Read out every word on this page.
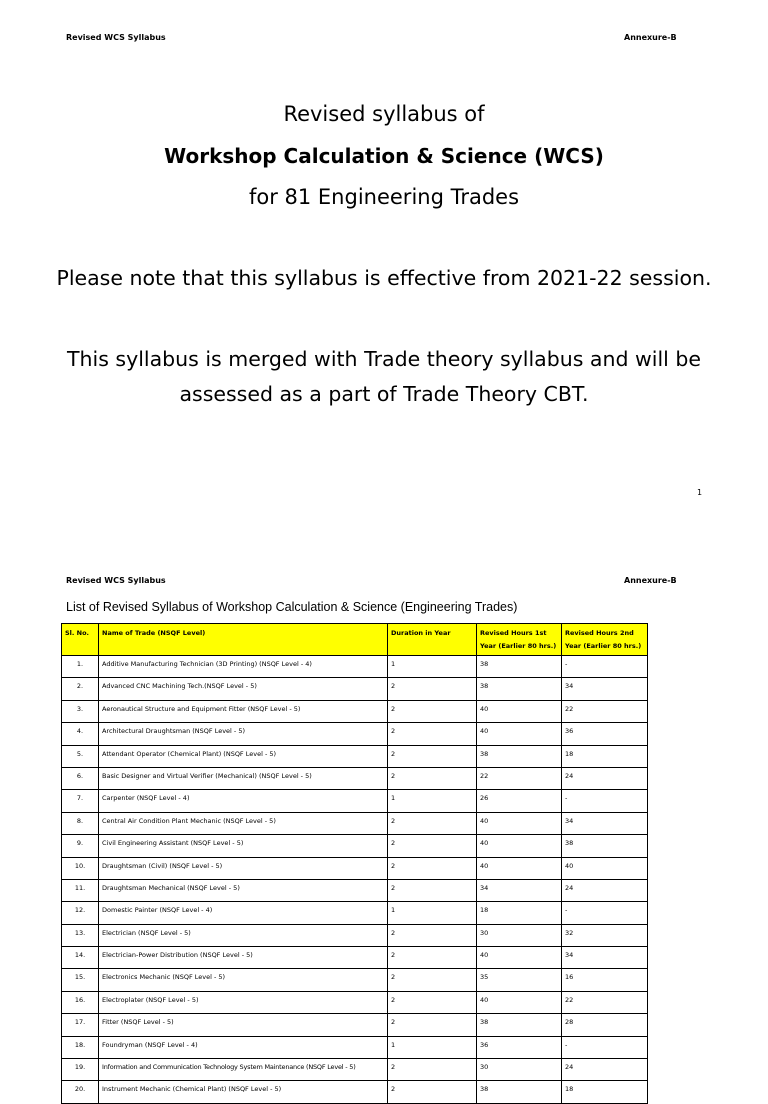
Revised WCS Syllabus	Annexure-B
Revised syllabus of
Workshop Calculation & Science (WCS)
for 81 Engineering Trades
Please note that this syllabus is effective from 2021-22 session.
This syllabus is merged with Trade theory syllabus and will be
assessed as a part of Trade Theory CBT.
1
Revised WCS Syllabus	Annexure-B
List of Revised Syllabus of Workshop Calculation & Science (Engineering Trades)
Sl. No.	Name of Trade (NSQF Level)	Duration in Year	Revised Hours 1st Year (Earlier 80 hrs.)	Revised Hours 2nd Year (Earlier 80 hrs.)
1.	Additive Manufacturing Technician (3D Printing) (NSQF Level - 4)	1	38	-
2.	Advanced CNC Machining Tech.(NSQF Level - 5)	2	38	34
3.	Aeronautical Structure and Equipment Fitter (NSQF Level - 5)	2	40	22
4.	Architectural Draughtsman (NSQF Level - 5)	2	40	36
5.	Attendant Operator (Chemical Plant) (NSQF Level - 5)	2	38	18
6.	Basic Designer and Virtual Verifier (Mechanical) (NSQF Level - 5)	2	22	24
7.	Carpenter (NSQF Level - 4)	1	26	-
8.	Central Air Condition Plant Mechanic (NSQF Level - 5)	2	40	34
9.	Civil Engineering Assistant (NSQF Level - 5)	2	40	38
10.	Draughtsman (Civil) (NSQF Level - 5)	2	40	40
11.	Draughtsman Mechanical (NSQF Level - 5)	2	34	24
12.	Domestic Painter (NSQF Level - 4)	1	18	-
13.	Electrician (NSQF Level - 5)	2	30	32
14.	Electrician-Power Distribution (NSQF Level - 5)	2	40	34
15.	Electronics Mechanic (NSQF Level - 5)	2	35	16
16.	Electroplater (NSQF Level - 5)	2	40	22
17.	Fitter (NSQF Level - 5)	2	38	28
18.	Foundryman (NSQF Level - 4)	1	36	-
19.	Information and Communication Technology System Maintenance (NSQF Level - 5)	2	30	24
20.	Instrument Mechanic (Chemical Plant) (NSQF Level - 5)	2	38	18
